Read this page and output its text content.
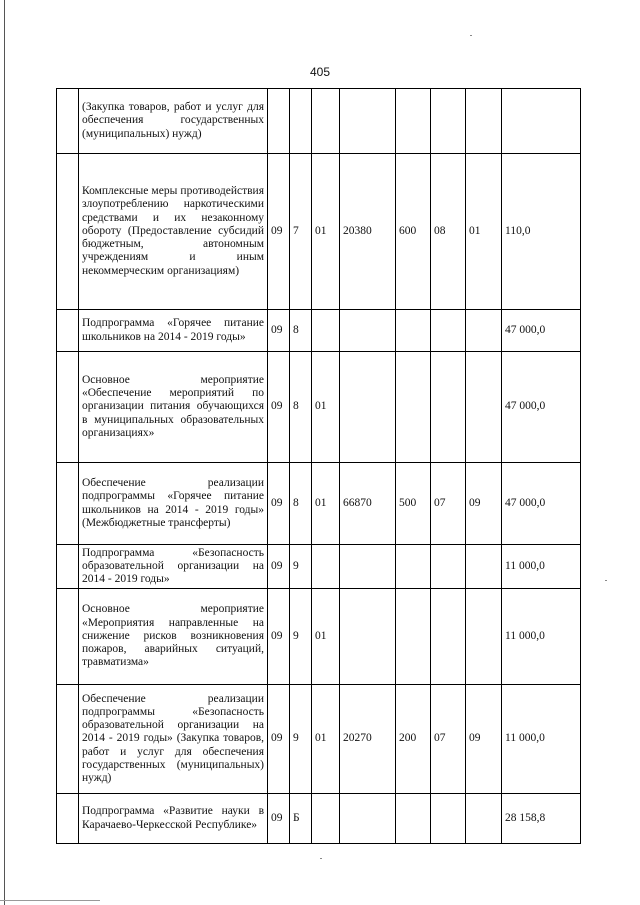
405
	(Закупка товаров, работ и услуг для обеспечения государственных (муниципальных) нужд)								
	Комплексные меры противодействия злоупотреблению наркотическими средствами и их незаконному обороту (Предоставление субсидий бюджетным, автономным учреждениям и иным некоммерческим организациям)	09	7	01	20380	600	08	01	110,0
	Подпрограмма «Горячее питание школьников на 2014 - 2019 годы»	09	8						47 000,0
	Основное мероприятие «Обеспечение мероприятий по организации питания обучающихся в муниципальных образовательных организациях»	09	8	01					47 000,0
	Обеспечение реализации подпрограммы «Горячее питание школьников на 2014 - 2019 годы» (Межбюджетные трансферты)	09	8	01	66870	500	07	09	47 000,0
	Подпрограмма «Безопасность образовательной организации на 2014 - 2019 годы»	09	9						11 000,0
	Основное мероприятие «Мероприятия направленные на снижение рисков возникновения пожаров, аварийных ситуаций, травматизма»	09	9	01					11 000,0
	Обеспечение реализации подпрограммы «Безопасность образовательной организации на 2014 - 2019 годы» (Закупка товаров, работ и услуг для обеспечения государственных (муниципальных) нужд)	09	9	01	20270	200	07	09	11 000,0
	Подпрограмма «Развитие науки в Карачаево-Черкесской Республике»	09	Б						28 158,8
